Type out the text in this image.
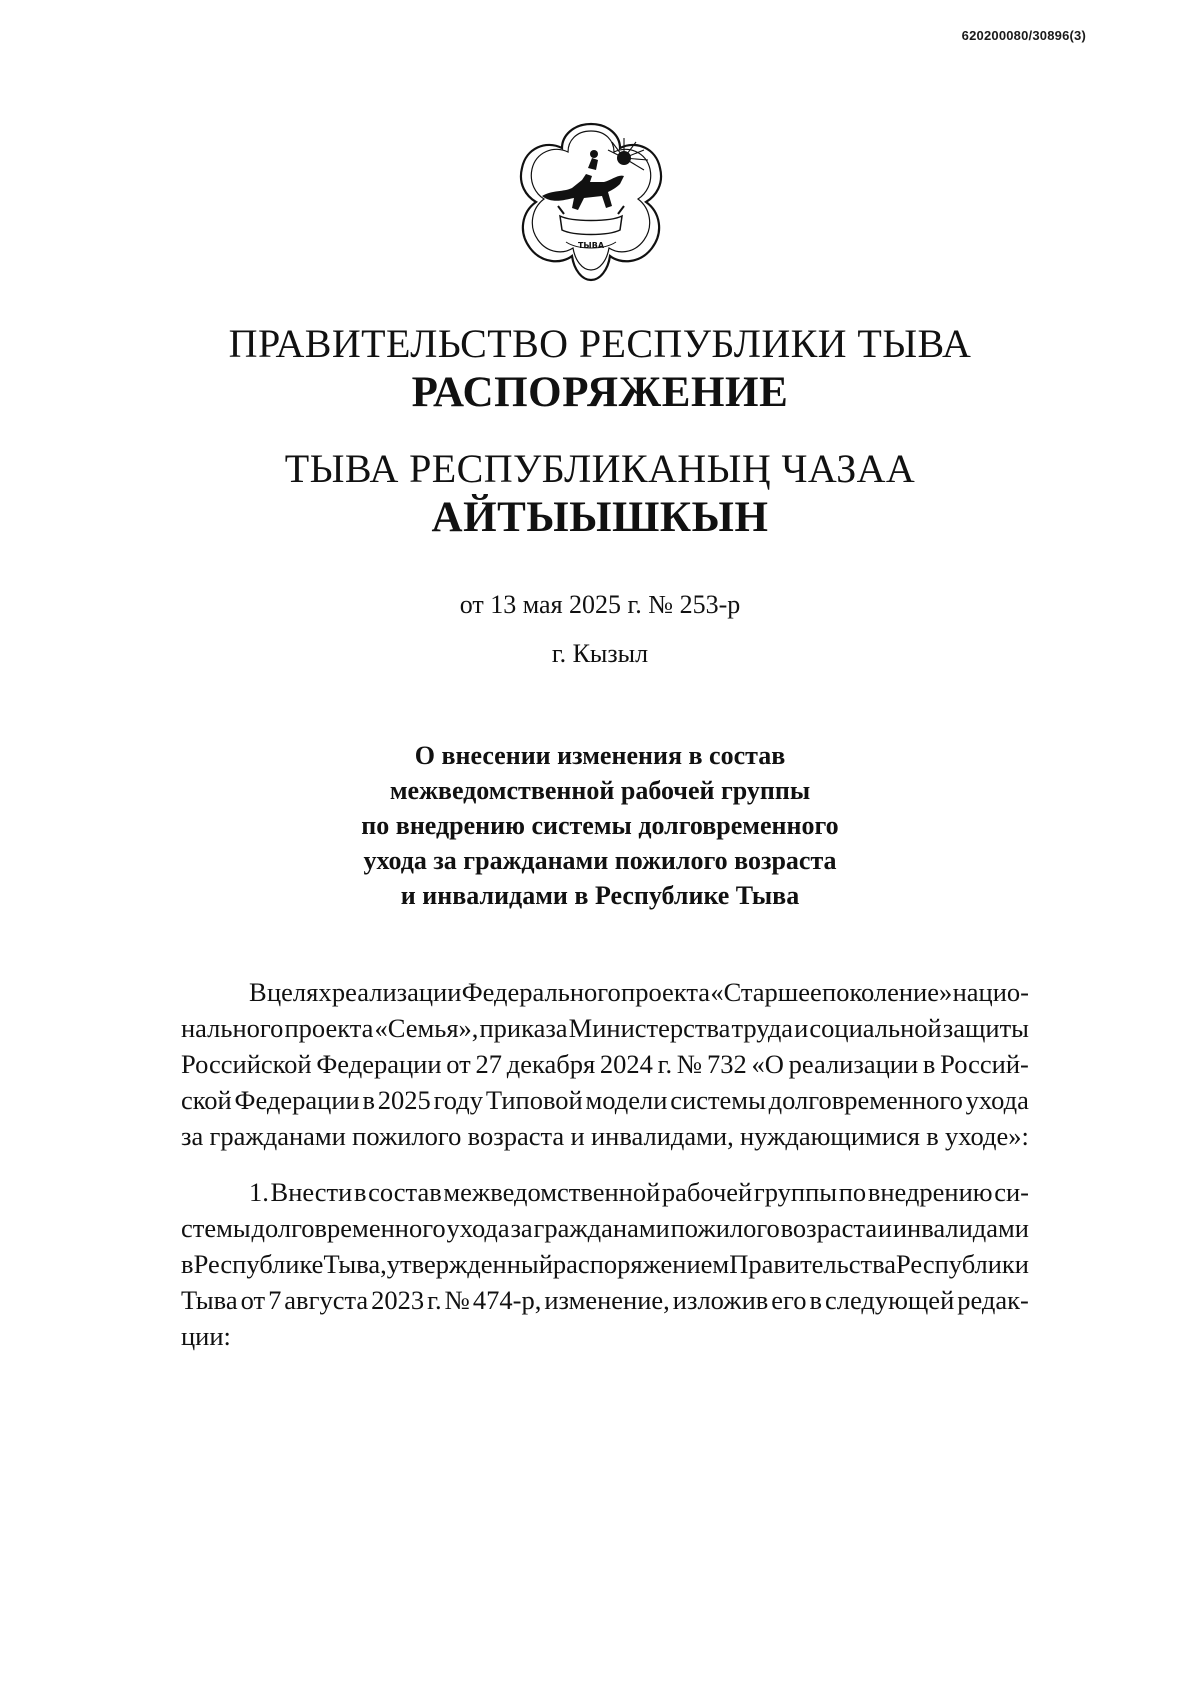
620200080/30896(3)
ТЫВА
ПРАВИТЕЛЬСТВО РЕСПУБЛИКИ ТЫВА
РАСПОРЯЖЕНИЕ
ТЫВА РЕСПУБЛИКАНЫҢ ЧАЗАА
АЙТЫЫШКЫН
от 13 мая 2025 г. № 253-р
г. Кызыл
О внесении изменения в состав
межведомственной рабочей группы
по внедрению системы долговременного
ухода за гражданами пожилого возраста
и инвалидами в Республике Тыва
В целях реализации Федерального проекта «Старшее поколение» нацио-
нального проекта «Семья», приказа Министерства труда и социальной защиты
Российской Федерации от 27 декабря 2024 г. № 732 «О реализации в Россий-
ской Федерации в 2025 году Типовой модели системы долговременного ухода
за гражданами пожилого возраста и инвалидами, нуждающимися в уходе»:
1. Внести в состав межведомственной рабочей группы по внедрению си-
стемы долговременного ухода за гражданами пожилого возраста и инвалидами
в Республике Тыва, утвержденный распоряжением Правительства Республики
Тыва от 7 августа 2023 г. № 474-р, изменение, изложив его в следующей редак-
ции:
